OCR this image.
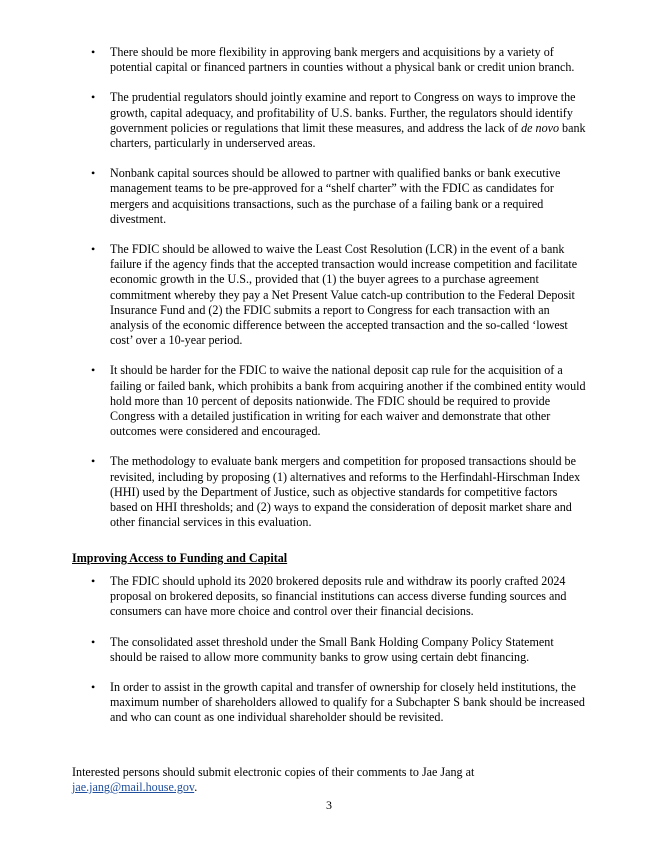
• There should be more flexibility in approving bank mergers and acquisitions by a variety of potential capital or financed partners in counties without a physical bank or credit union branch.

• The prudential regulators should jointly examine and report to Congress on ways to improve the growth, capital adequacy, and profitability of U.S. banks. Further, the regulators should identify government policies or regulations that limit these measures, and address the lack of de novo bank charters, particularly in underserved areas.

• Nonbank capital sources should be allowed to partner with qualified banks or bank executive management teams to be pre-approved for a “shelf charter” with the FDIC as candidates for mergers and acquisitions transactions, such as the purchase of a failing bank or a required divestment.

• The FDIC should be allowed to waive the Least Cost Resolution (LCR) in the event of a bank failure if the agency finds that the accepted transaction would increase competition and facilitate economic growth in the U.S., provided that (1) the buyer agrees to a purchase agreement commitment whereby they pay a Net Present Value catch-up contribution to the Federal Deposit Insurance Fund and (2) the FDIC submits a report to Congress for each transaction with an analysis of the economic difference between the accepted transaction and the so-called ‘lowest cost’ over a 10-year period.

• It should be harder for the FDIC to waive the national deposit cap rule for the acquisition of a failing or failed bank, which prohibits a bank from acquiring another if the combined entity would hold more than 10 percent of deposits nationwide. The FDIC should be required to provide Congress with a detailed justification in writing for each waiver and demonstrate that other outcomes were considered and encouraged.

• The methodology to evaluate bank mergers and competition for proposed transactions should be revisited, including by proposing (1) alternatives and reforms to the Herfindahl-Hirschman Index (HHI) used by the Department of Justice, such as objective standards for competitive factors based on HHI thresholds; and (2) ways to expand the consideration of deposit market share and other financial services in this evaluation.

Improving Access to Funding and Capital
• The FDIC should uphold its 2020 brokered deposits rule and withdraw its poorly crafted 2024 proposal on brokered deposits, so financial institutions can access diverse funding sources and consumers can have more choice and control over their financial decisions.

• The consolidated asset threshold under the Small Bank Holding Company Policy Statement should be raised to allow more community banks to grow using certain debt financing.

• In order to assist in the growth capital and transfer of ownership for closely held institutions, the maximum number of shareholders allowed to qualify for a Subchapter S bank should be increased and who can count as one individual shareholder should be revisited.

Interested persons should submit electronic copies of their comments to Jae Jang at jae.jang@mail.house.gov.

3
